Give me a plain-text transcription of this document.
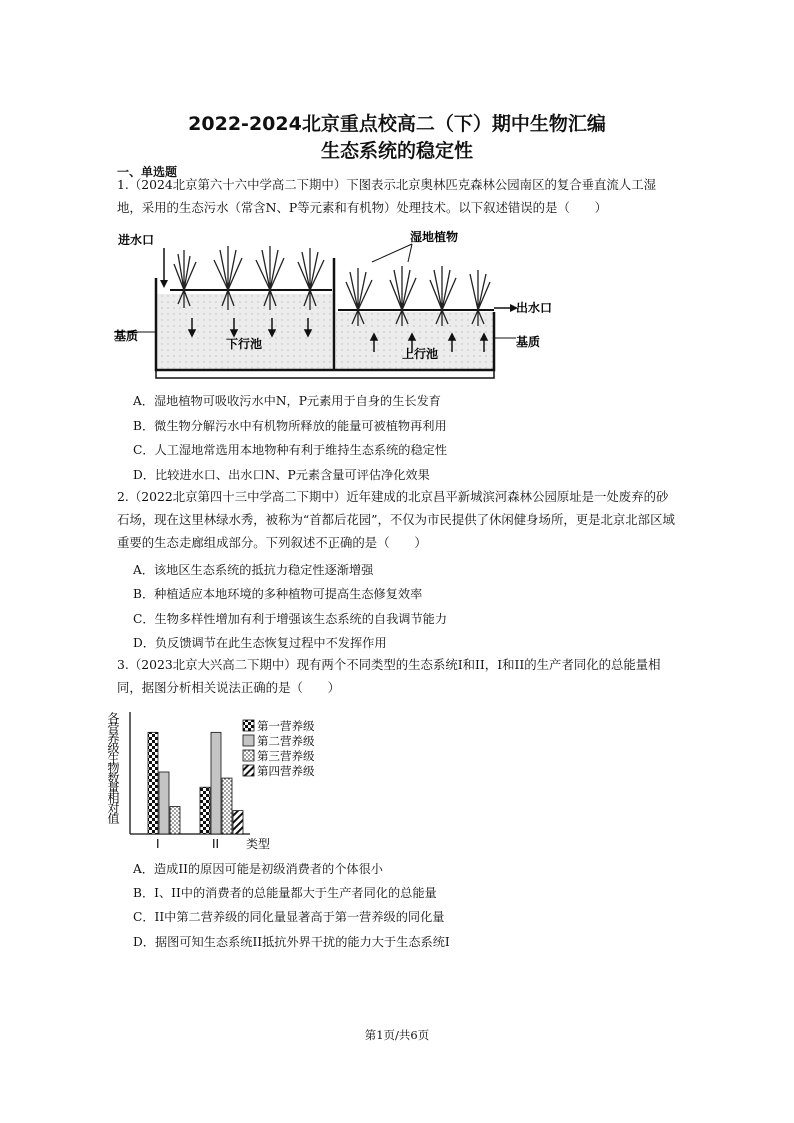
2022-2024北京重点校高二（下）期中生物汇编
生态系统的稳定性
一、单选题
1.（2024北京第六十六中学高二下期中）下图表示北京奥林匹克森林公园南区的复合垂直流人工湿地，采用的生态污水（常含N、P等元素和有机物）处理技术。以下叙述错误的是（　　）
进水口	湿地植物
出水口
基质	基质
下行池
上行池
A．湿地植物可吸收污水中N，P元素用于自身的生长发育
B．微生物分解污水中有机物所释放的能量可被植物再利用
C．人工湿地常选用本地物种有利于维持生态系统的稳定性
D．比较进水口、出水口N、P元素含量可评估净化效果
2.（2022北京第四十三中学高二下期中）近年建成的北京昌平新城滨河森林公园原址是一处废弃的砂石场，现在这里林绿水秀，被称为“首都后花园”，不仅为市民提供了休闲健身场所，更是北京北部区域重要的生态走廊组成部分。下列叙述不正确的是（　　）
A．该地区生态系统的抵抗力稳定性逐渐增强
B．种植适应本地环境的多种植物可提高生态修复效率
C．生物多样性增加有利于增强该生态系统的自我调节能力
D．负反馈调节在此生态恢复过程中不发挥作用
3.（2023北京大兴高二下期中）现有两个不同类型的生态系统I和II，I和II的生产者同化的总能量相同，据图分析相关说法正确的是（　　）
各营养级生物数量相对值
I	II 类型
第一营养级
第二营养级
第三营养级
第四营养级
A．造成II的原因可能是初级消费者的个体很小
B．I、II中的消费者的总能量都大于生产者同化的总能量
C．II中第二营养级的同化量显著高于第一营养级的同化量
D．据图可知生态系统II抵抗外界干扰的能力大于生态系统I
第1页/共6页
